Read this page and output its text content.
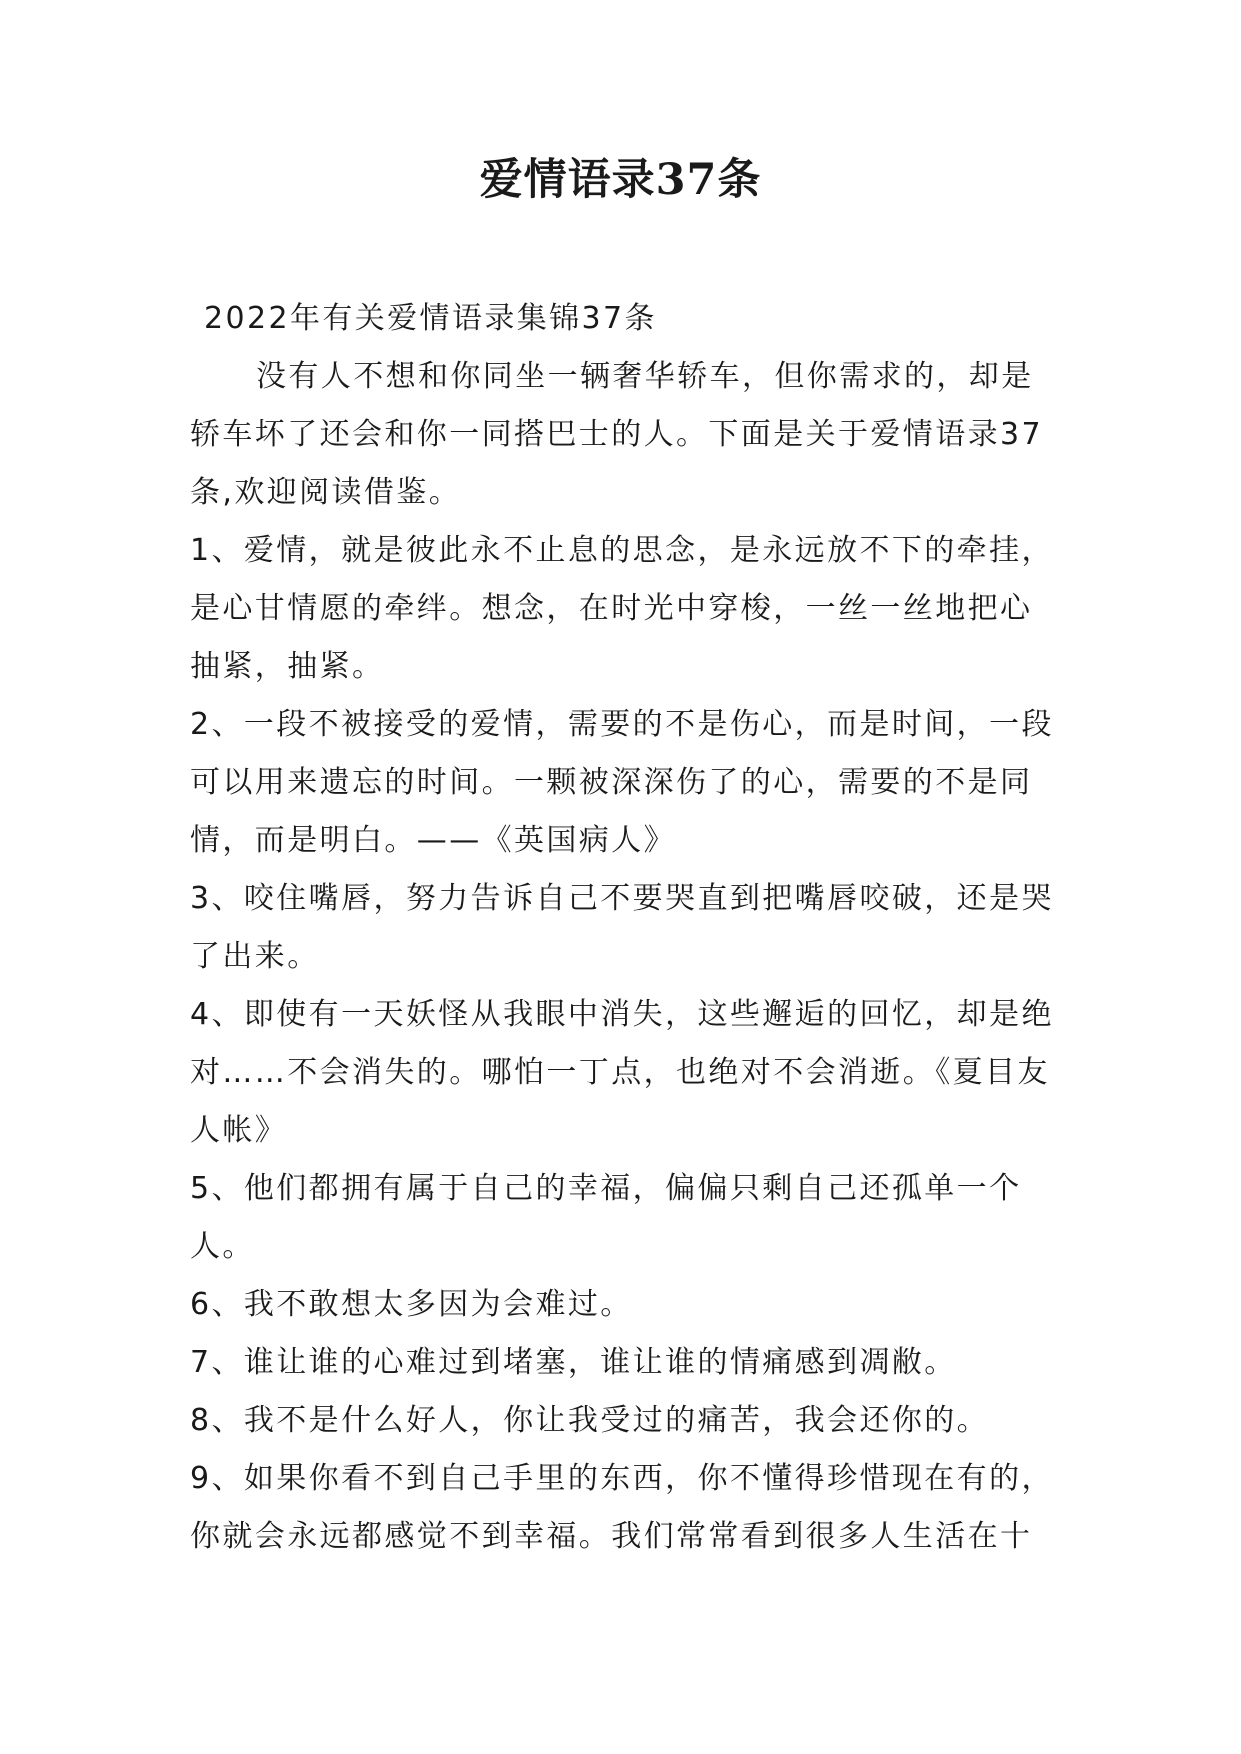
爱情语录37条

2022年有关爱情语录集锦37条

没有人不想和你同坐一辆奢华轿车，但你需求的，却是轿车坏了还会和你一同搭巴士的人。下面是关于爱情语录37条,欢迎阅读借鉴。

1、爱情，就是彼此永不止息的思念，是永远放不下的牵挂，是心甘情愿的牵绊。想念，在时光中穿梭，一丝一丝地把心抽紧，抽紧。

2、一段不被接受的爱情，需要的不是伤心，而是时间，一段可以用来遗忘的时间。一颗被深深伤了的心，需要的不是同情，而是明白。——《英国病人》

3、咬住嘴唇，努力告诉自己不要哭直到把嘴唇咬破，还是哭了出来。

4、即使有一天妖怪从我眼中消失，这些邂逅的回忆，却是绝对……不会消失的。哪怕一丁点，也绝对不会消逝。《夏目友人帐》

5、他们都拥有属于自己的幸福，偏偏只剩自己还孤单一个人。

6、我不敢想太多因为会难过。

7、谁让谁的心难过到堵塞，谁让谁的情痛感到凋敝。

8、我不是什么好人，你让我受过的痛苦，我会还你的。

9、如果你看不到自己手里的东西，你不懂得珍惜现在有的，你就会永远都感觉不到幸福。我们常常看到很多人生活在十
